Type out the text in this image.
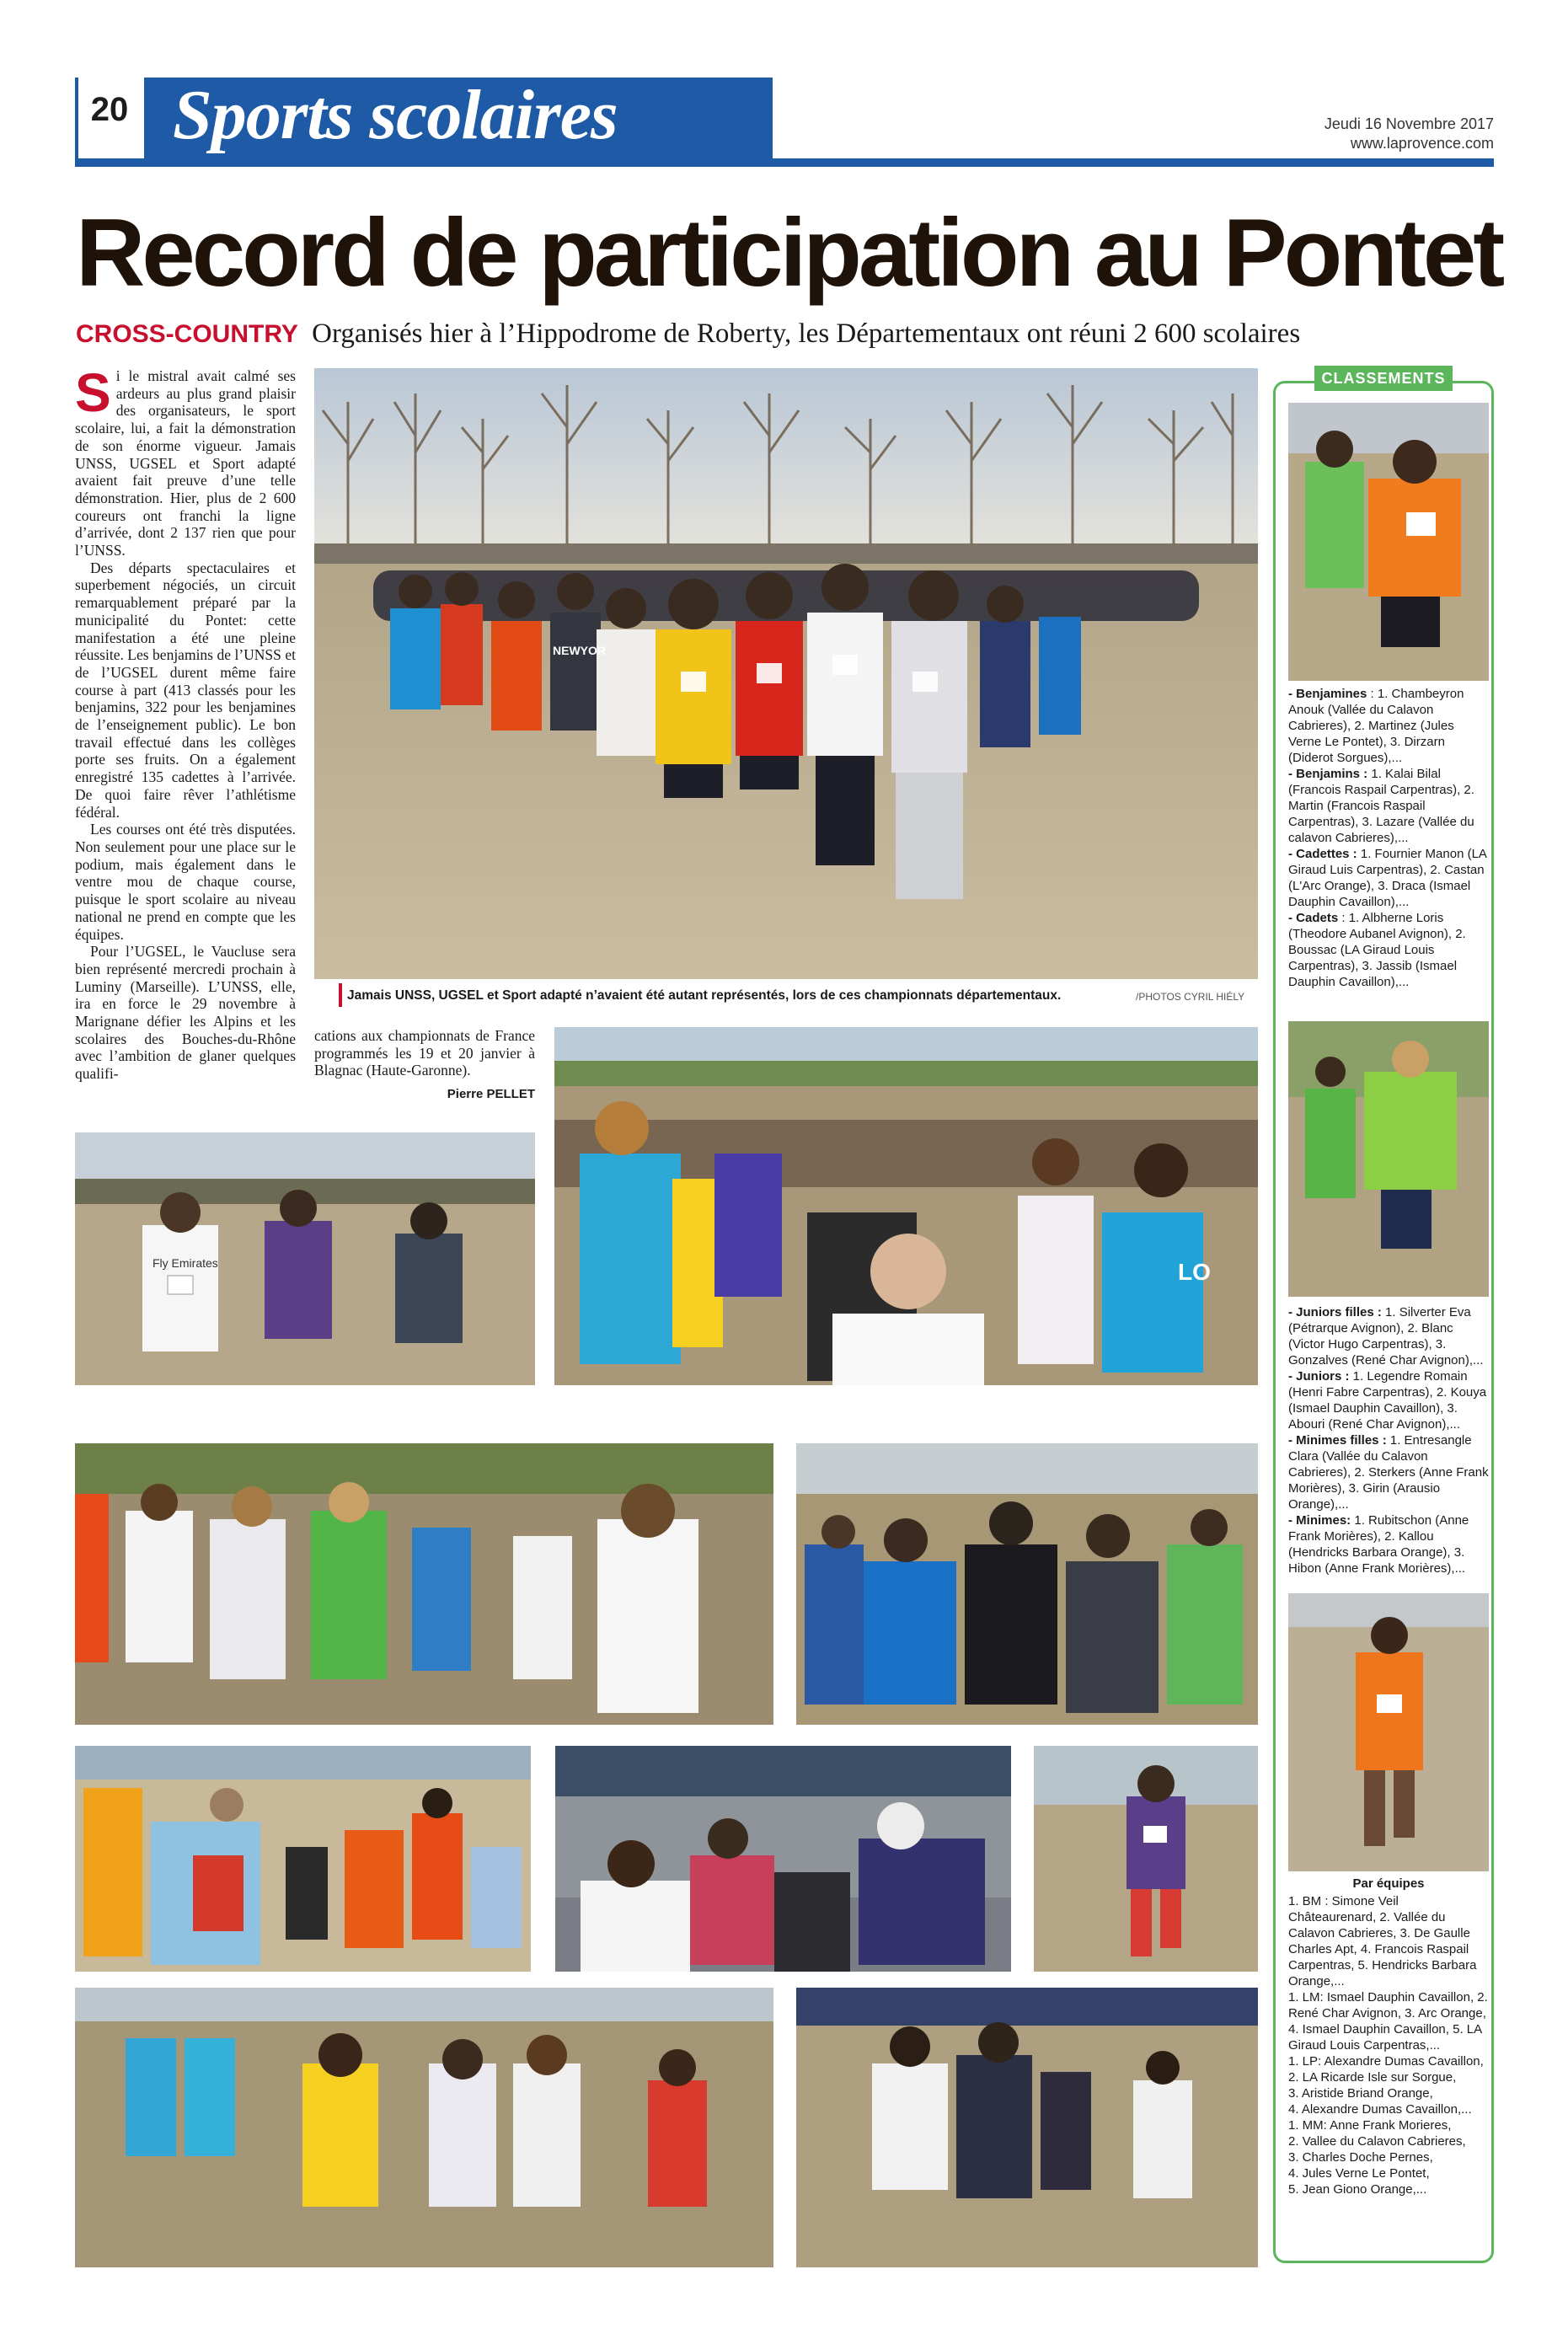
20 Sports scolaires	Jeudi 16 Novembre 2017
www.laprovence.com
Record de participation au Pontet
CROSS-COUNTRY Organisés hier à l’Hippodrome de Roberty, les Départementaux ont réuni 2 600 scolaires

Si le mistral avait calmé ses ardeurs au plus grand plaisir des organisateurs, le sport scolaire, lui, a fait la démonstration de son énorme vigueur. Jamais UNSS, UGSEL et Sport adapté avaient fait preuve d’une telle démonstration. Hier, plus de 2 600 coureurs ont franchi la ligne d’arrivée, dont 2 137 rien que pour l’UNSS.

Des départs spectaculaires et superbement négociés, un circuit remarquablement préparé par la municipalité du Pontet: cette manifestation a été une pleine réussite. Les benjamins de l’UNSS et de l’UGSEL durent même faire course à part (413 classés pour les benjamins, 322 pour les benjamines de l’enseignement public). Le bon travail effectué dans les collèges porte ses fruits. On a également enregistré 135 cadettes à l’arrivée. De quoi faire rêver l’athlétisme fédéral.

Les courses ont été très disputées. Non seulement pour une place sur le podium, mais également dans le ventre mou de chaque course, puisque le sport scolaire au niveau national ne prend en compte que les équipes.

Pour l’UGSEL, le Vaucluse sera bien représenté mercredi prochain à Luminy (Marseille). L’UNSS, elle, ira en force le 29 novembre à Marignane défier les Alpins et les scolaires des Bouches-du-Rhône avec l’ambition de glaner quelques qualifi-

NEWYOR
Jamais UNSS, UGSEL et Sport adapté n’avaient été autant représentés, lors de ces championnats départementaux.	/PHOTOS CYRIL HIÉLY

cations aux championnats de France programmés les 19 et 20 janvier à Blagnac (Haute-Garonne).

Pierre PELLET
Fly Emirates	LO
CLASSEMENTS

- Benjamines : 1. Chambeyron Anouk (Vallée du Calavon Cabrieres), 2. Martinez (Jules Verne Le Pontet), 3. Dirzarn (Diderot Sorgues),...

- Benjamins : 1. Kalai Bilal (Francois Raspail Carpentras), 2. Martin (Francois Raspail Carpentras), 3. Lazare (Vallée du calavon Cabrieres),...

- Cadettes : 1. Fournier Manon (LA Giraud Luis Carpentras), 2. Castan (L'Arc Orange), 3. Draca (Ismael Dauphin Cavaillon),...

- Cadets : 1. Albherne Loris (Theodore Aubanel Avignon), 2. Boussac (LA Giraud Louis Carpentras), 3. Jassib (Ismael Dauphin Cavaillon),...

- Juniors filles : 1. Silverter Eva (Pétrarque Avignon), 2. Blanc (Victor Hugo Carpentras), 3. Gonzalves (René Char Avignon),...

- Juniors : 1. Legendre Romain (Henri Fabre Carpentras), 2. Kouya (Ismael Dauphin Cavaillon), 3. Abouri (René Char Avignon),...

- Minimes filles : 1. Entresangle Clara (Vallée du Calavon Cabrieres), 2. Sterkers (Anne Frank Morières), 3. Girin (Arausio Orange),...

- Minimes: 1. Rubitschon (Anne Frank Morières), 2. Kallou (Hendricks Barbara Orange), 3. Hibon (Anne Frank Morières),...

Par équipes

1. BM : Simone Veil Châteaurenard, 2. Vallée du Calavon Cabrieres, 3. De Gaulle Charles Apt, 4. Francois Raspail Carpentras, 5. Hendricks Barbara Orange,...

1. LM: Ismael Dauphin Cavaillon, 2. René Char Avignon, 3. Arc Orange, 4. Ismael Dauphin Cavaillon, 5. LA Giraud Louis Carpentras,...

1. LP: Alexandre Dumas Cavaillon,

2. LA Ricarde Isle sur Sorgue,

3. Aristide Briand Orange,

4. Alexandre Dumas Cavaillon,...

1. MM: Anne Frank Morieres,

2. Vallee du Calavon Cabrieres,

3. Charles Doche Pernes,

4. Jules Verne Le Pontet,

5. Jean Giono Orange,...
